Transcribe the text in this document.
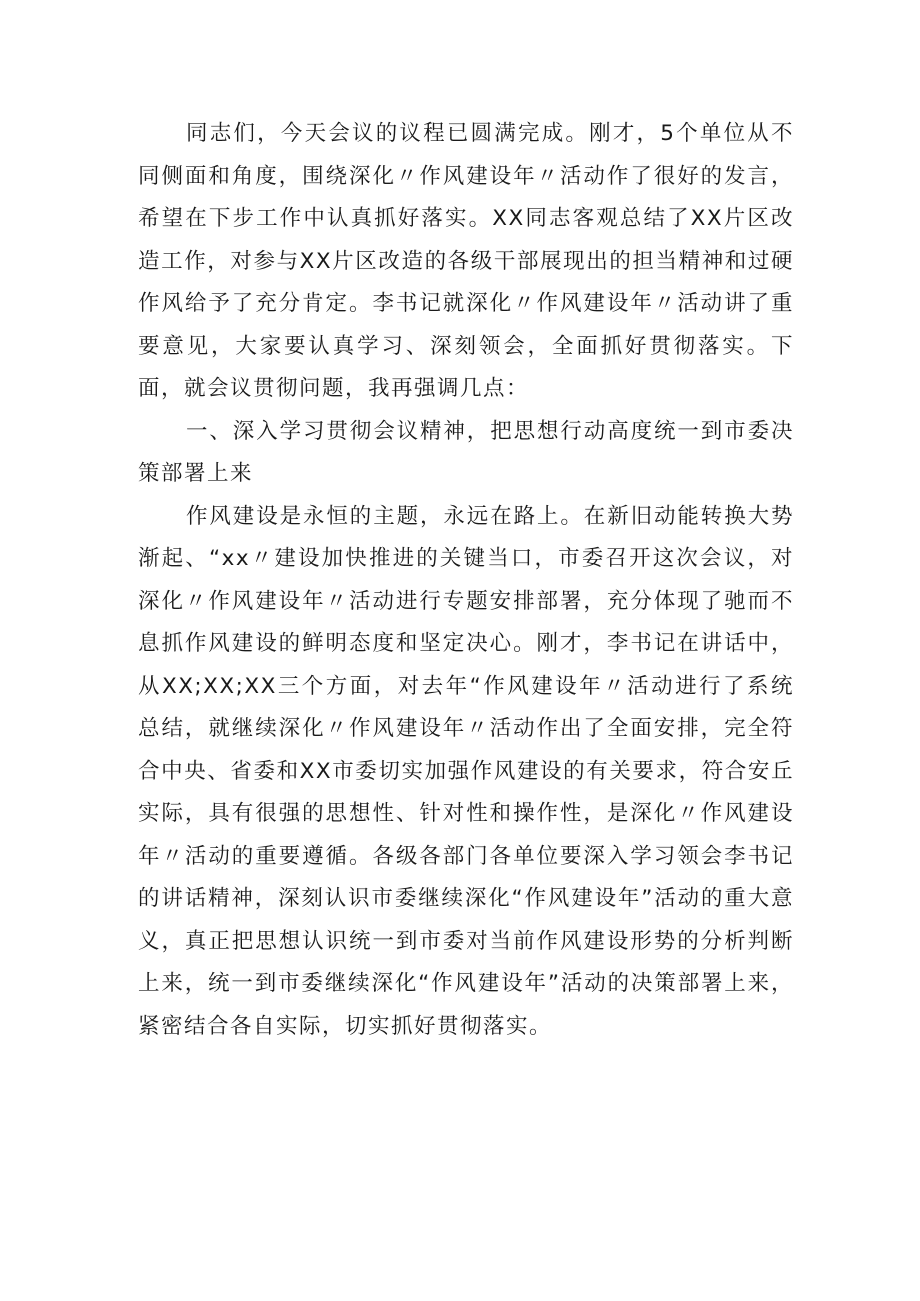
同志们，今天会议的议程已圆满完成。刚才，5个单位从不同侧面和角度，围绕深化〃作风建设年〃活动作了很好的发言，希望在下步工作中认真抓好落实。XX同志客观总结了XX片区改造工作，对参与XX片区改造的各级干部展现出的担当精神和过硬作风给予了充分肯定。李书记就深化〃作风建设年〃活动讲了重要意见，大家要认真学习、深刻领会，全面抓好贯彻落实。下面，就会议贯彻问题，我再强调几点：

一、深入学习贯彻会议精神，把思想行动高度统一到市委决策部署上来

作风建设是永恒的主题，永远在路上。在新旧动能转换大势渐起、“xx〃建设加快推进的关键当口，市委召开这次会议，对深化〃作风建设年〃活动进行专题安排部署，充分体现了驰而不息抓作风建设的鲜明态度和坚定决心。刚才，李书记在讲话中，从XX;XX;XX三个方面，对去年“作风建设年〃活动进行了系统总结，就继续深化〃作风建设年〃活动作出了全面安排，完全符合中央、省委和XX市委切实加强作风建设的有关要求，符合安丘实际，具有很强的思想性、针对性和操作性，是深化〃作风建设年〃活动的重要遵循。各级各部门各单位要深入学习领会李书记的讲话精神，深刻认识市委继续深化“作风建设年”活动的重大意义，真正把思想认识统一到市委对当前作风建设形势的分析判断上来，统一到市委继续深化“作风建设年”活动的决策部署上来，紧密结合各自实际，切实抓好贯彻落实。
